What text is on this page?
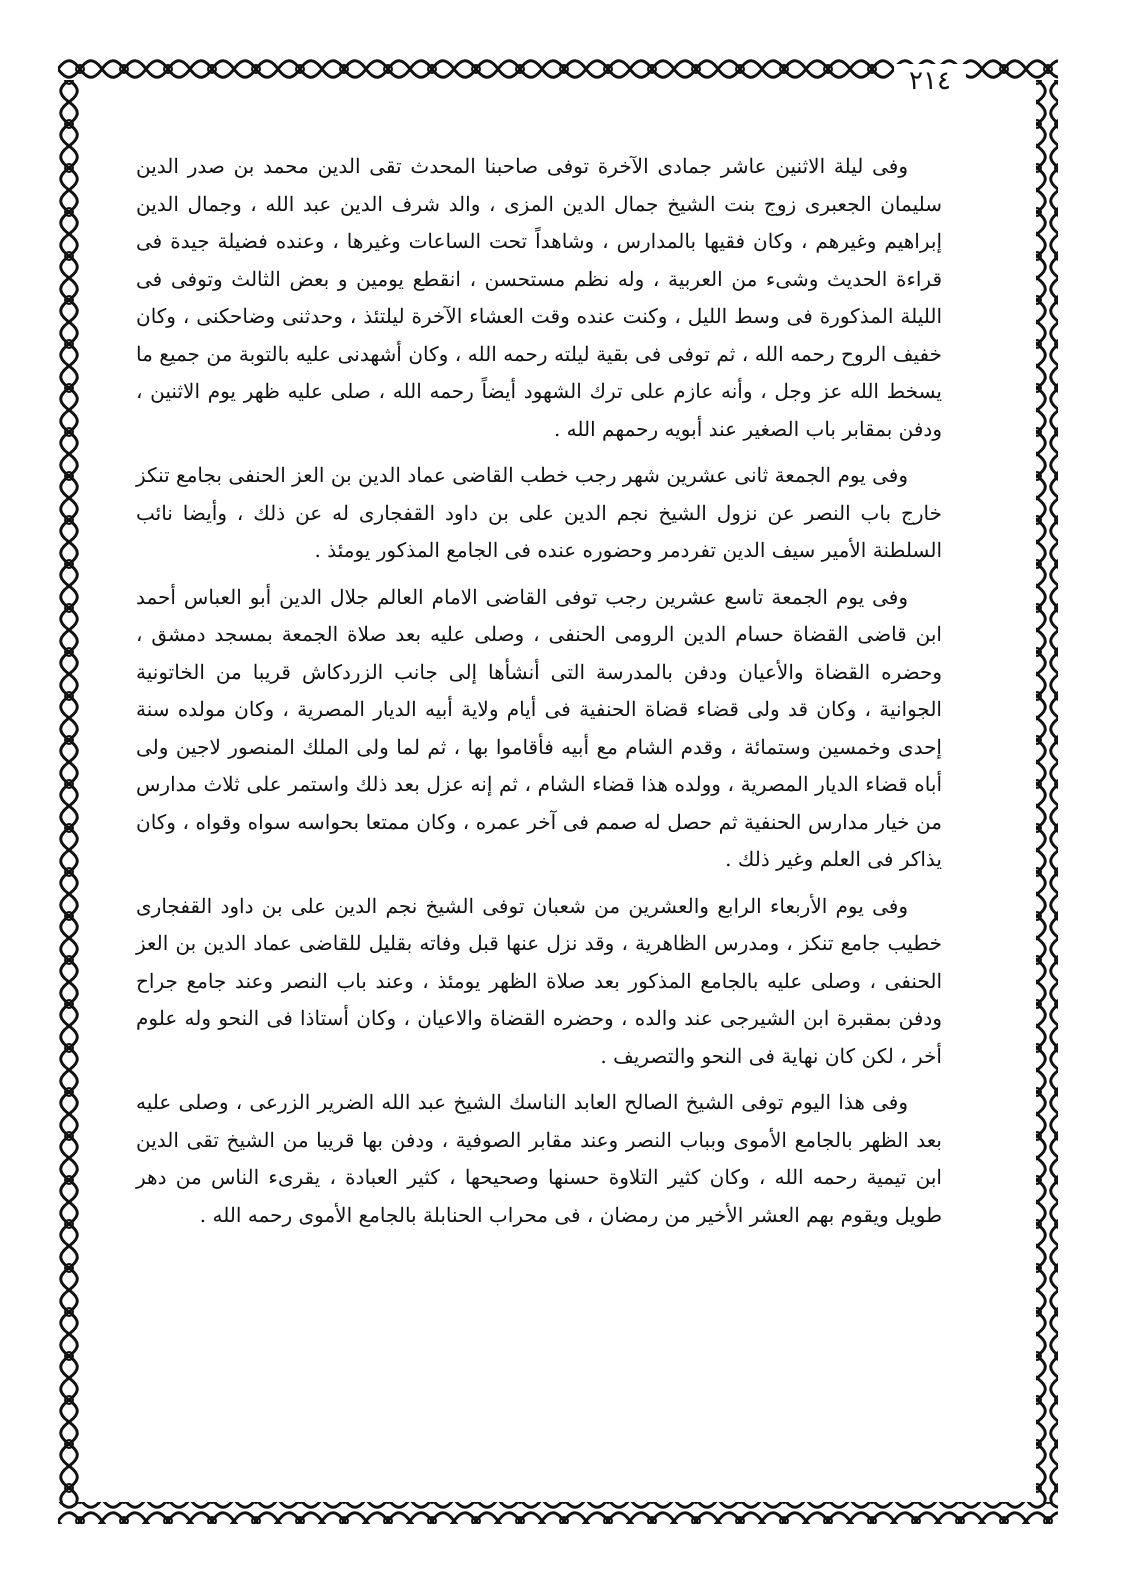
٢١٤

وفى ليلة الاثنين عاشر جمادى الآخرة توفى صاحبنا المحدث تقى الدين محمد بن صدر الدين سليمان الجعبرى زوج بنت الشيخ جمال الدين المزى ، والد شرف الدين عبد الله ، وجمال الدين إبراهيم وغيرهم ، وكان فقيها بالمدارس ، وشاهداً تحت الساعات وغيرها ، وعنده فضيلة جيدة فى قراءة الحديث وشىء من العربية ، وله نظم مستحسن ، انقطع يومين و بعض الثالث وتوفى فى الليلة المذكورة فى وسط الليل ، وكنت عنده وقت العشاء الآخرة ليلتئذ ، وحدثنى وضاحكنى ، وكان خفيف الروح رحمه الله ، ثم توفى فى بقية ليلته رحمه الله ، وكان أشهدنى عليه بالتوبة من جميع ما يسخط الله عز وجل ، وأنه عازم على ترك الشهود أيضاً رحمه الله ، صلى عليه ظهر يوم الاثنين ، ودفن بمقابر باب الصغير عند أبويه رحمهم الله .

وفى يوم الجمعة ثانى عشرين شهر رجب خطب القاضى عماد الدين بن العز الحنفى بجامع تنكز خارج باب النصر عن نزول الشيخ نجم الدين على بن داود القفجارى له عن ذلك ، وأيضا نائب السلطنة الأمير سيف الدين تفردمر وحضوره عنده فى الجامع المذكور يومئذ .

وفى يوم الجمعة تاسع عشرين رجب توفى القاضى الامام العالم جلال الدين أبو العباس أحمد ابن قاضى القضاة حسام الدين الرومى الحنفى ، وصلى عليه بعد صلاة الجمعة بمسجد دمشق ، وحضره القضاة والأعيان ودفن بالمدرسة التى أنشأها إلى جانب الزردكاش قريبا من الخاتونية الجوانية ، وكان قد ولى قضاء قضاة الحنفية فى أيام ولاية أبيه الديار المصرية ، وكان مولده سنة إحدى وخمسين وستمائة ، وقدم الشام مع أبيه فأقاموا بها ، ثم لما ولى الملك المنصور لاجين ولى أباه قضاء الديار المصرية ، وولده هذا قضاء الشام ، ثم إنه عزل بعد ذلك واستمر على ثلاث مدارس من خيار مدارس الحنفية ثم حصل له صمم فى آخر عمره ، وكان ممتعا بحواسه سواه وقواه ، وكان يذاكر فى العلم وغير ذلك .

وفى يوم الأربعاء الرابع والعشرين من شعبان توفى الشيخ نجم الدين على بن داود القفجارى خطيب جامع تنكز ، ومدرس الظاهرية ، وقد نزل عنها قبل وفاته بقليل للقاضى عماد الدين بن العز الحنفى ، وصلى عليه بالجامع المذكور بعد صلاة الظهر يومئذ ، وعند باب النصر وعند جامع جراح ودفن بمقبرة ابن الشيرجى عند والده ، وحضره القضاة والاعيان ، وكان أستاذا فى النحو وله علوم أخر ، لكن كان نهاية فى النحو والتصريف .

وفى هذا اليوم توفى الشيخ الصالح العابد الناسك الشيخ عبد الله الضرير الزرعى ، وصلى عليه بعد الظهر بالجامع الأموى وبباب النصر وعند مقابر الصوفية ، ودفن بها قريبا من الشيخ تقى الدين ابن تيمية رحمه الله ، وكان كثير التلاوة حسنها وصحيحها ، كثير العبادة ، يقرىء الناس من دهر طويل ويقوم بهم العشر الأخير من رمضان ، فى محراب الحنابلة بالجامع الأموى رحمه الله .
